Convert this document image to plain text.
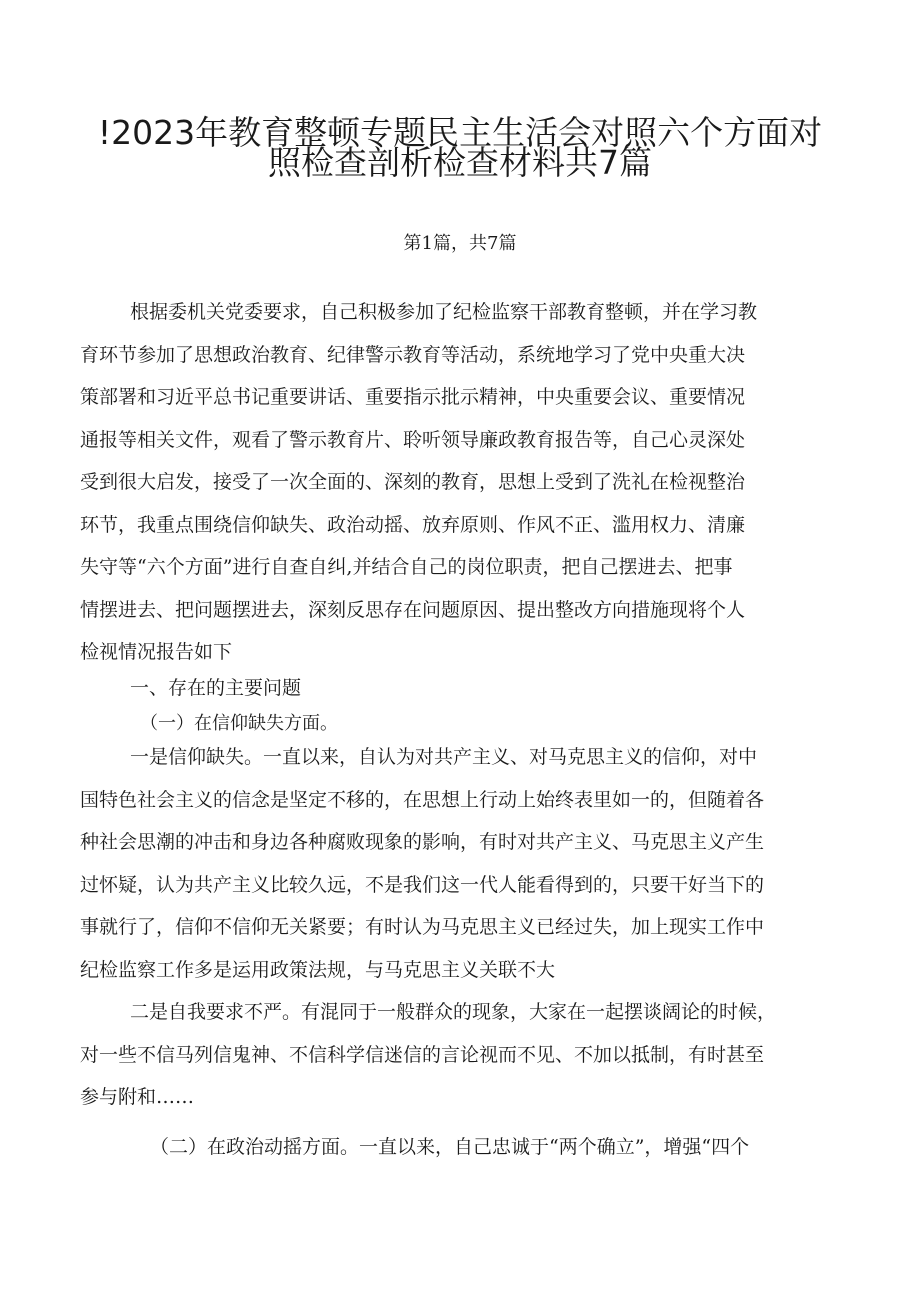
!2023年教育整顿专题民主生活会对照六个方面对
照检查剖析检查材料共7篇
第1篇，共7篇
根据委机关党委要求，自己积极参加了纪检监察干部教育整顿，并在学习教
育环节参加了思想政治教育、纪律警示教育等活动，系统地学习了党中央重大决
策部署和习近平总书记重要讲话、重要指示批示精神，中央重要会议、重要情况
通报等相关文件，观看了警示教育片、聆听领导廉政教育报告等，自己心灵深处
受到很大启发，接受了一次全面的、深刻的教育，思想上受到了洗礼在检视整治
环节，我重点围绕信仰缺失、政治动摇、放弃原则、作风不正、滥用权力、清廉
失守等“六个方面”进行自查自纠,并结合自己的岗位职责，把自己摆进去、把事
情摆进去、把问题摆进去，深刻反思存在问题原因、提出整改方向措施现将个人
检视情况报告如下
一、存在的主要问题
（一）在信仰缺失方面。
一是信仰缺失。一直以来，自认为对共产主义、对马克思主义的信仰，对中
国特色社会主义的信念是坚定不移的，在思想上行动上始终表里如一的，但随着各
种社会思潮的冲击和身边各种腐败现象的影响，有时对共产主义、马克思主义产生
过怀疑，认为共产主义比较久远，不是我们这一代人能看得到的，只要干好当下的
事就行了，信仰不信仰无关紧要；有时认为马克思主义已经过失，加上现实工作中
纪检监察工作多是运用政策法规，与马克思主义关联不大
二是自我要求不严。有混同于一般群众的现象，大家在一起摆谈阔论的时候，
对一些不信马列信鬼神、不信科学信迷信的言论视而不见、不加以抵制，有时甚至
参与附和……
（二）在政治动摇方面。一直以来，自己忠诚于“两个确立”，增强“四个
